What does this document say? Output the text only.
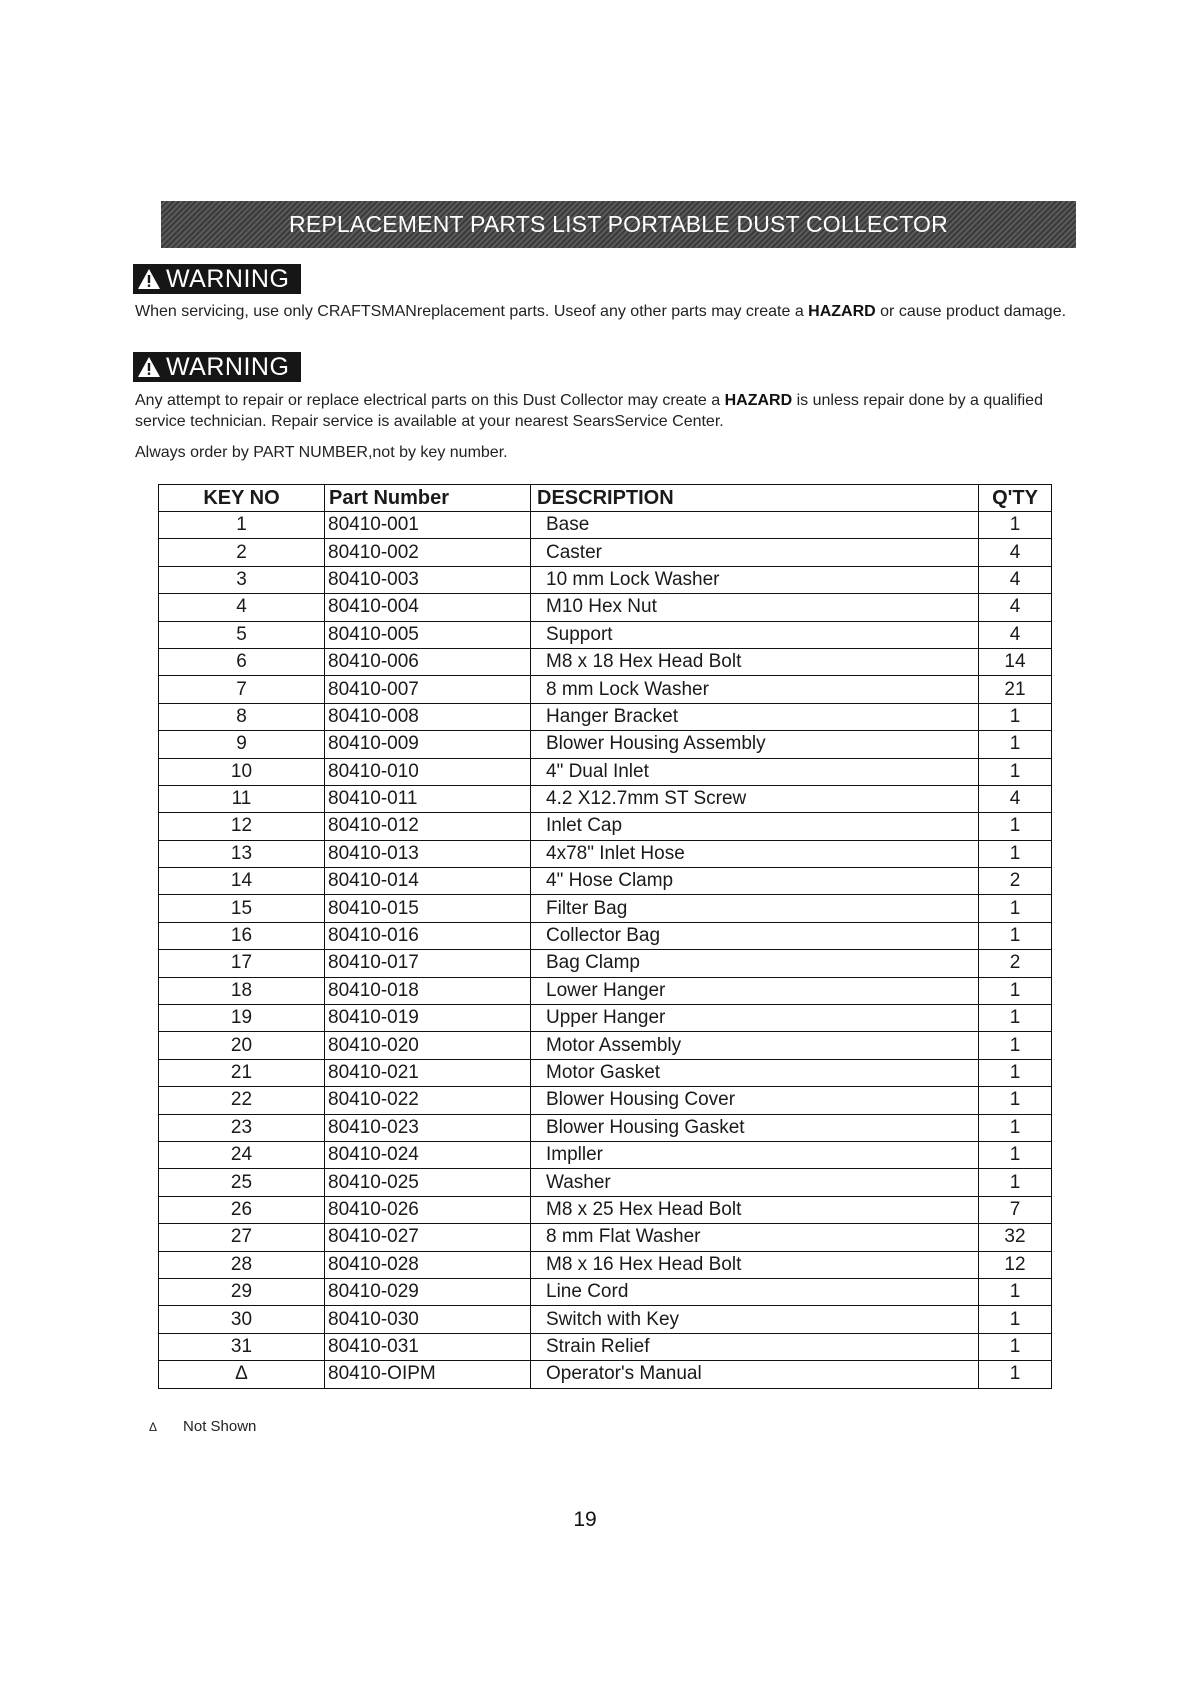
REPLACEMENT PARTS LIST PORTABLE DUST COLLECTOR
WARNING
When servicing, use only CRAFTSMANreplacement parts. Useof any other parts may create a HAZARD or cause product damage.
WARNING
Any attempt to repair or replace electrical parts on this Dust Collector may create a HAZARD is unless repair done by a qualified service technician. Repair service is available at your nearest SearsService Center.
Always order by PART NUMBER,not by key number.
KEY NO	Part Number	DESCRIPTION	Q'TY
1	80410-001	Base	1
2	80410-002	Caster	4
3	80410-003	10 mm Lock Washer	4
4	80410-004	M10 Hex Nut	4
5	80410-005	Support	4
6	80410-006	M8 x 18 Hex Head Bolt	14
7	80410-007	8 mm Lock Washer	21
8	80410-008	Hanger Bracket	1
9	80410-009	Blower Housing Assembly	1
10	80410-010	4" Dual Inlet	1
11	80410-011	4.2 X12.7mm ST Screw	4
12	80410-012	Inlet Cap	1
13	80410-013	4x78" Inlet Hose	1
14	80410-014	4" Hose Clamp	2
15	80410-015	Filter Bag	1
16	80410-016	Collector Bag	1
17	80410-017	Bag Clamp	2
18	80410-018	Lower Hanger	1
19	80410-019	Upper Hanger	1
20	80410-020	Motor Assembly	1
21	80410-021	Motor Gasket	1
22	80410-022	Blower Housing Cover	1
23	80410-023	Blower Housing Gasket	1
24	80410-024	Impller	1
25	80410-025	Washer	1
26	80410-026	M8 x 25 Hex Head Bolt	7
27	80410-027	8 mm Flat Washer	32
28	80410-028	M8 x 16 Hex Head Bolt	12
29	80410-029	Line Cord	1
30	80410-030	Switch with Key	1
31	80410-031	Strain Relief	1
Δ	80410-OIPM	Operator's Manual	1
Δ Not Shown
19
